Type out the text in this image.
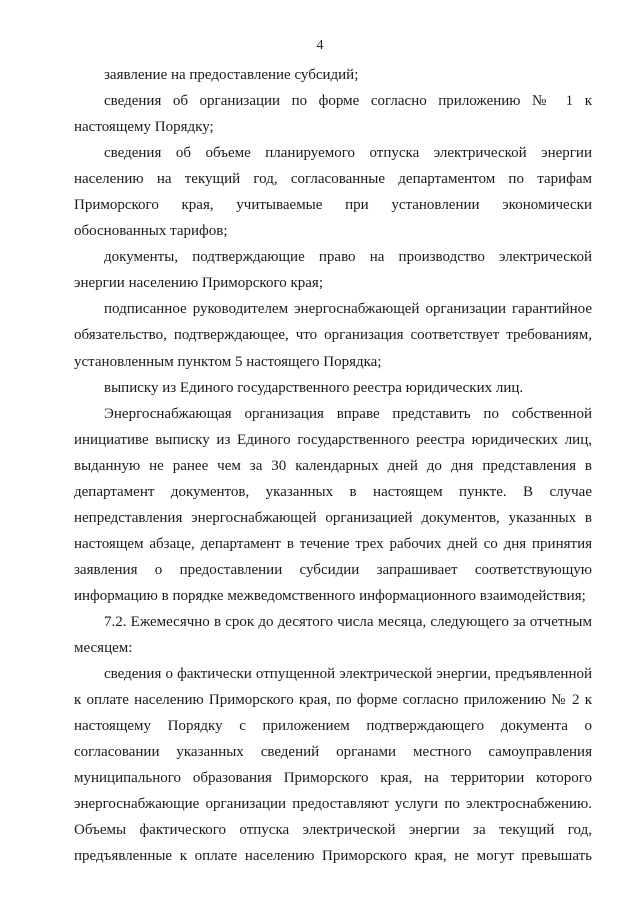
4

заявление на предоставление субсидий;

сведения об организации по форме согласно приложению № 1 к настоящему Порядку;

сведения об объеме планируемого отпуска электрической энергии населению на текущий год, согласованные департаментом по тарифам Приморского края, учитываемые при установлении экономически обоснованных тарифов;

документы, подтверждающие право на производство электрической энергии населению Приморского края;

подписанное руководителем энергоснабжающей организации гарантийное обязательство, подтверждающее, что организация соответствует требованиям, установленным пунктом 5 настоящего Порядка;

выписку из Единого государственного реестра юридических лиц.

Энергоснабжающая организация вправе представить по собственной инициативе выписку из Единого государственного реестра юридических лиц, выданную не ранее чем за 30 календарных дней до дня представления в департамент документов, указанных в настоящем пункте. В случае непредставления энергоснабжающей организацией документов, указанных в настоящем абзаце, департамент в течение трех рабочих дней со дня принятия заявления о предоставлении субсидии запрашивает соответствующую информацию в порядке межведомственного информационного взаимодействия;

7.2. Ежемесячно в срок до десятого числа месяца, следующего за отчетным месяцем:

сведения о фактически отпущенной электрической энергии, предъявленной к оплате населению Приморского края, по форме согласно приложению № 2 к настоящему Порядку с приложением подтверждающего документа о согласовании указанных сведений органами местного самоуправления муниципального образования Приморского края, на территории которого энергоснабжающие организации предоставляют услуги по электроснабжению. Объемы фактического отпуска электрической энергии за текущий год, предъявленные к оплате населению Приморского края, не могут превышать
